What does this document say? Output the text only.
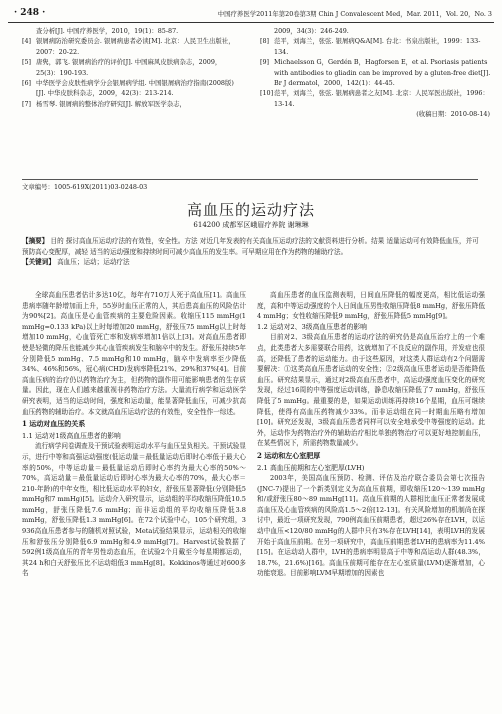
· 248 ·	中国疗养医学2011年第20卷第3期 Chin J Convalescent Med，Mar. 2011，Vol. 20，No. 3
查分析[J]. 中国疗养医学，2010，19(1)：85-87.
[4] 银屑病防治研究委员会. 银屑病患者必读[M]. 北京：人民卫生出版社，2007：20-22.
[5] 唐隽，郭飞. 银屑病治疗的评价[J]. 中国麻风皮肤病杂志，2009，25(3)：190-193.
[6] 中华医学会皮肤性病学分会银屑病学组. 中国银屑病治疗指南(2008版)[J]. 中华皮肤科杂志，2009，42(3)：213-214.
[7] 杨雪琴. 银屑病的整体治疗研究[J]. 解放军医学杂志，
2009，34(3)：246-249.
[8] 范平，刘海兰，张弦. 银屑病Q&A[M]. 台北：书泉出版社，1999：133-134.
[9] Michaelsson G，Gerdén B，Hagforsen E，et al. Psoriasis patients with antibodies to gliadin can be improved by a gluten-free diet[J]. Br J dermatol，2000，142(1)：44-45.
[10] 范平，刘海兰，张弦. 银屑病患者之友[M]. 北京：人民军医出版社，1996：13-14.
(收稿日期：2010-08-14)
文章编号：1005-619X(2011)03-0248-03
高血压的运动疗法
614200 成都军区峨眉疗养院 谢琳琳
【摘要】 目的 探讨高血压运动疗法的有效性，安全性。方法 对近几年发表的有关高血压运动疗法的文献资料进行分析。结果 适量运动可有效降低血压，并可预防高心变配厚，减轻 适当的运动强度和持续时间可减少高血压的发生率。可早期应用在作为药物的辅助疗法。
【关键词】 高血压；运动；运动疗法

全球高血压患者估计多达10亿，每年有710万人死于高血压[1]。高血压患病率随年龄增加而上升，55岁时血压正常的人，其后患高血压的风险估计为90%[2]。高血压是心血管疾病的主要危险因素。收缩压115 mmHg(1 mmHg=0.133 kPa)以上时每增加20 mmHg，舒张压75 mmHg以上时每增加10 mmHg，心血管死亡率和发病率增加1倍以上[3]。对高血压患者即使是轻微的降压也能减少其心血管疾病发生和脑卒中的发生。舒张压持续5年分别降低5 mmHg、7.5 mmHg和10 mmHg，脑卒中发病率至少降低34%、46%和56%，冠心病(CHD)发病率降低21%、29%和37%[4]。目前高血压病的治疗仍以药物治疗为主，但药物的副作用可能影响患者的生存质量。因此，现在人们越来越重视非药物治疗方法。大量流行病学和运动医学研究表明，适当的运动时间，强度和运动量，能显著降低血压，可减少抗高血压药物的辅助治疗。本文就高血压运动疗法的有效性，安全性作一综述。

1 运动对血压的关系
1.1 运动对1级高血压患者的影响

流行病学问卷调查及干预试验表明运动水平与血压呈负相关。干预试验显示，进行中等和高强运动强度(低运动量＝最低量运动后即时心率低于最大心率的50%，中等运动量＝最低量运动后即时心率约为最大心率的50%～70%，高运动量＝最低量运动后即时心率为最大心率的70%，最大心率＝210-年龄)的中年女性，相比低运动水平的妇女，舒张压显著降低(分别降低5 mmHg和7 mmHg)[5]。运动介入研究显示，运动组的平均收缩压降低10.5 mmHg，舒张压降低7.6 mmHg；而非运动组的平均收缩压降低3.8 mmHg，舒张压降低1.3 mmHg[6]。在72个试验中心，105个研究组，3 936高血压患者参与的随机对照试验，Meta试验结果显示，运动相关的收缩压和舒张压分别降低6.9 mmHg和4.9 mmHg[7]。Harvest试验数据了592例1级高血压的青年男性动态血压，在试验2个月戴至今每星期都运动，其24 h和白天舒张压比不运动组低3 mmHg[8]。Kokkinos等通过对600多名

高血压患者的血压监测表明，日间血压降低的幅度更高，相比低运动强度，高和中等运动强度的个人日间血压男性收缩压降低8 mmHg，舒张压降低4 mmHg；女性收缩压降低9 mmHg，舒张压降低5 mmHg[9]。

1.2 运动对2、3级高血压患者的影响

目前对2、3级高血压患者的运动疗法的研究仍是高血压治疗上的一个难点，此类患者大多需要联合用药，这就增加了不良反应的副作用，并发症也很高，还降低了患者的运动能力。由于这些原因，对这类人群运动有2个问题需要解决：①这类高血压患者运动的安全性；②2级高血压患者运动是否能降低血压。研究结果显示，通过对2级高血压患者中，高运动强度血压变化的研究发现，经过16周的中等强度运动训练，静息收缩压降低了7 mmHg，舒张压降低了5 mmHg。最重要的是，如果运动训练再持续16个星期，血压可继续降低，使得有高血压药物减少33%。而非运动组在同一时期血压略有增加[10]。研究还发现，3级高血压患者同样可以安全地承受中等强度的运动。此外，运动作为药物治疗外的辅助治疗相比单独药物治疗可以更好地控制血压，在某些情况下，所需药物数量减少。

2 运动和左心室肥厚
2.1 高血压前期和左心室肥厚(LVH)

2003年，美国高血压预防、检测、评估及治疗联合委员会第七次报告(JNC-7)提出了一个新类别定义为高血压前期，即收缩压120～139 mmHg和/或舒张压80～89 mmHg[11]。高血压前期的人群相比血压正常者发展成高血压及心血管疾病的风险高1.5～2倍[12-13]。有关风险增加的机制尚在探讨中，最近一项研究发现，790例高血压前期患者，超过26%存在LVH，以运动中血压<120/80 mmHg的人群中只有3%存在LVH[14]，表明LVH的发展开始于高血压前期。在另一项研究中，高血压前期患者LVH的患病率为11.4%[15]。在运动动人群中，LVH的患病率明显高于中等和高运动人群(48.3%，18.7%，21.6%)[16]。高血压前期可能存在左心室质量(LVM)逐渐增加，心功能衰退。目前影响LVM早期增加的因素也
